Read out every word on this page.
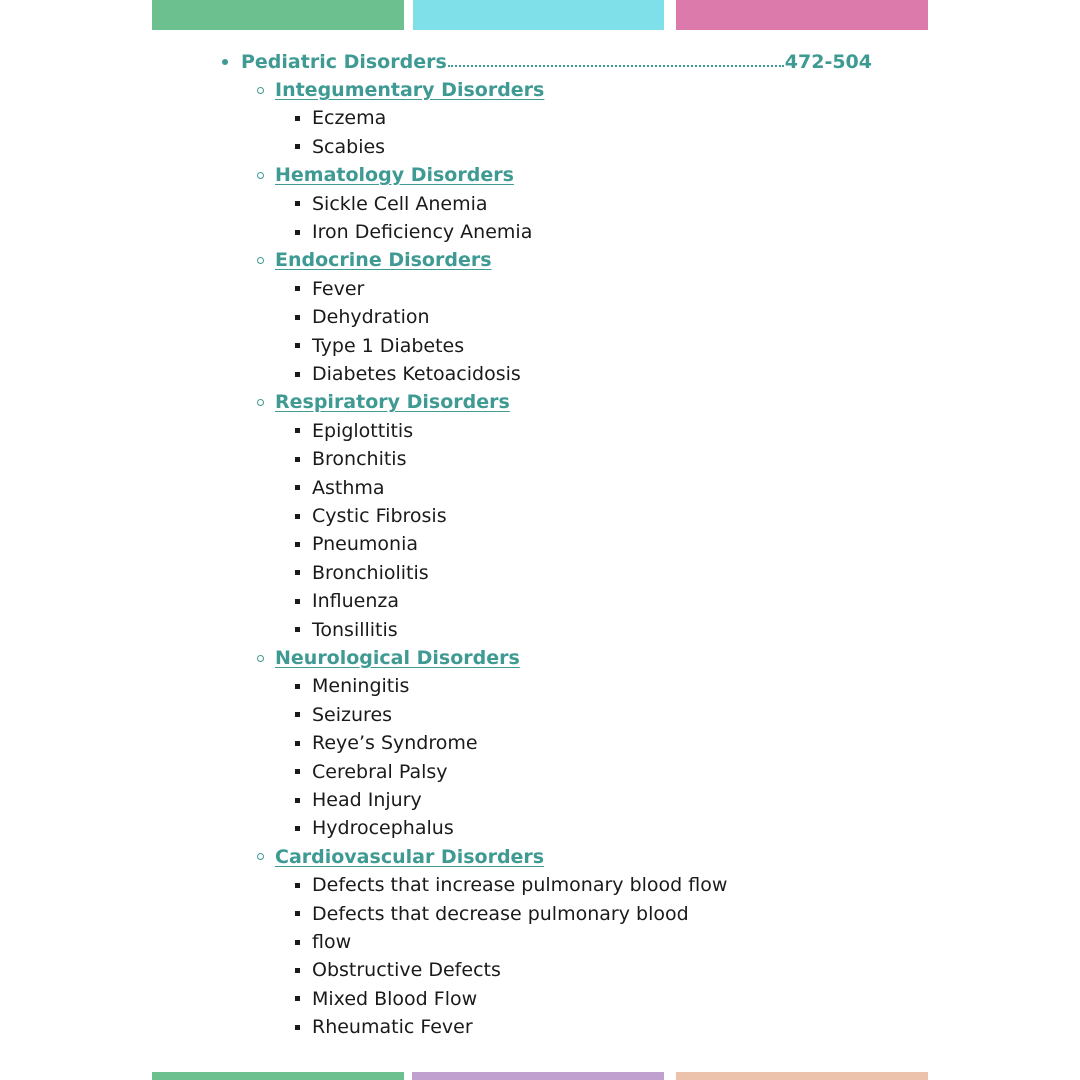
Pediatric Disorders	472-504
Integumentary Disorders
Eczema
Scabies
Hematology Disorders
Sickle Cell Anemia
Iron Deficiency Anemia
Endocrine Disorders
Fever
Dehydration
Type 1 Diabetes
Diabetes Ketoacidosis
Respiratory Disorders
Epiglottitis
Bronchitis
Asthma
Cystic Fibrosis
Pneumonia
Bronchiolitis
Influenza
Tonsillitis
Neurological Disorders
Meningitis
Seizures
Reye’s Syndrome
Cerebral Palsy
Head Injury
Hydrocephalus
Cardiovascular Disorders
Defects that increase pulmonary blood flow
Defects that decrease pulmonary blood
flow
Obstructive Defects
Mixed Blood Flow
Rheumatic Fever
